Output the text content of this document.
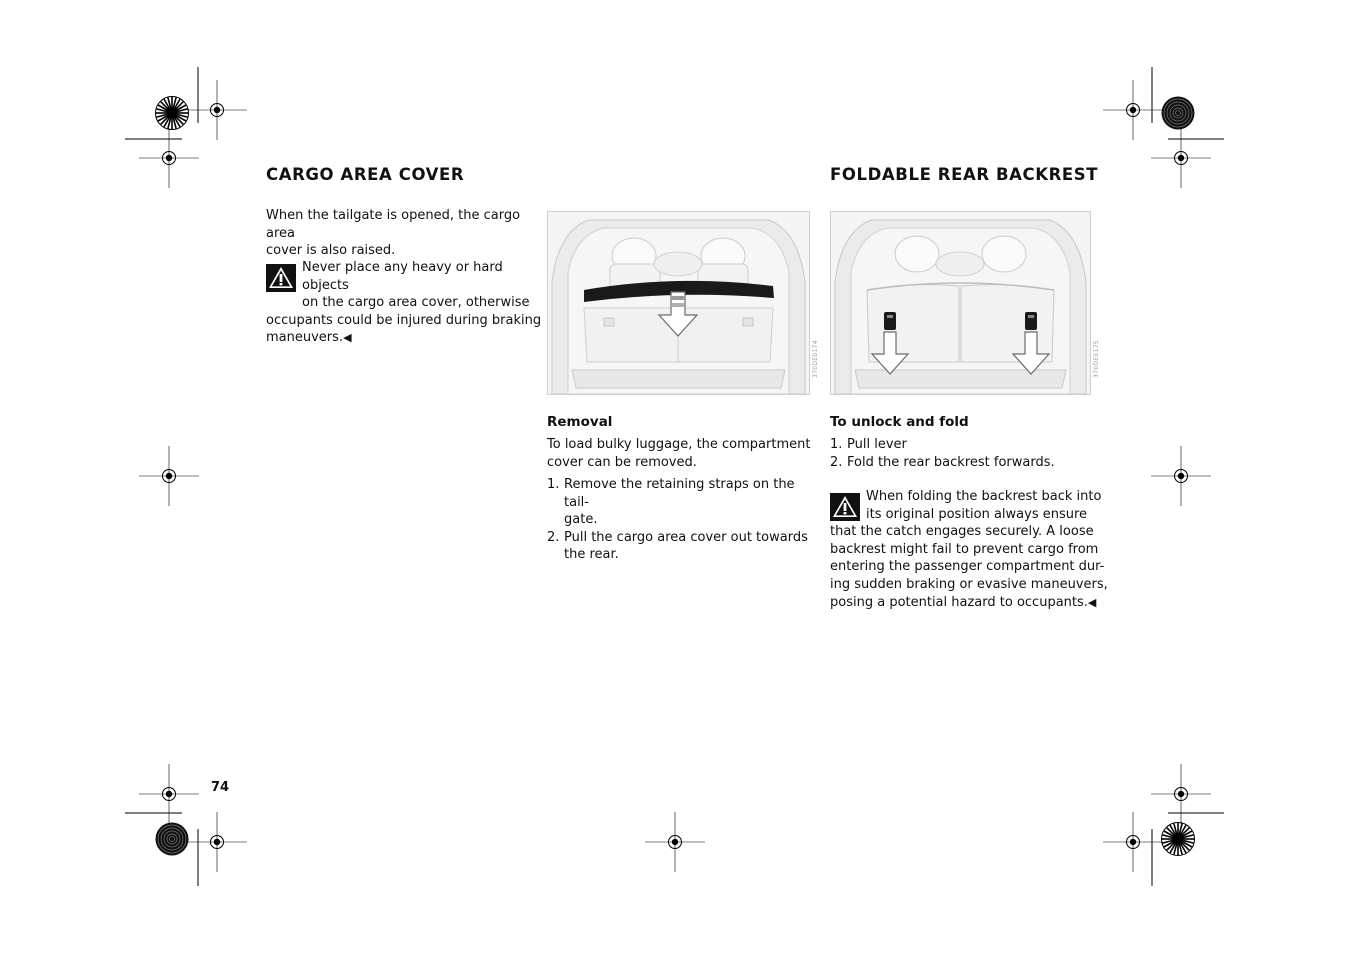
CARGO AREA COVER
When the tailgate is opened, the cargo area
cover is also raised.
Never place any heavy or hard objects
on the cargo area cover, otherwise
occupants could be injured during braking
maneuvers.◀
370DE0174
Removal
To load bulky luggage, the compartment
cover can be removed.
1. Remove the retaining straps on the tail-
gate.
2. Pull the cargo area cover out towards
the rear.
FOLDABLE REAR BACKREST
370DE0175
To unlock and fold
1. Pull lever
2. Fold the rear backrest forwards.
When folding the backrest back into
its original position always ensure
that the catch engages securely. A loose
backrest might fail to prevent cargo from
entering the passenger compartment dur-
ing sudden braking or evasive maneuvers,
posing a potential hazard to occupants.◀
74
